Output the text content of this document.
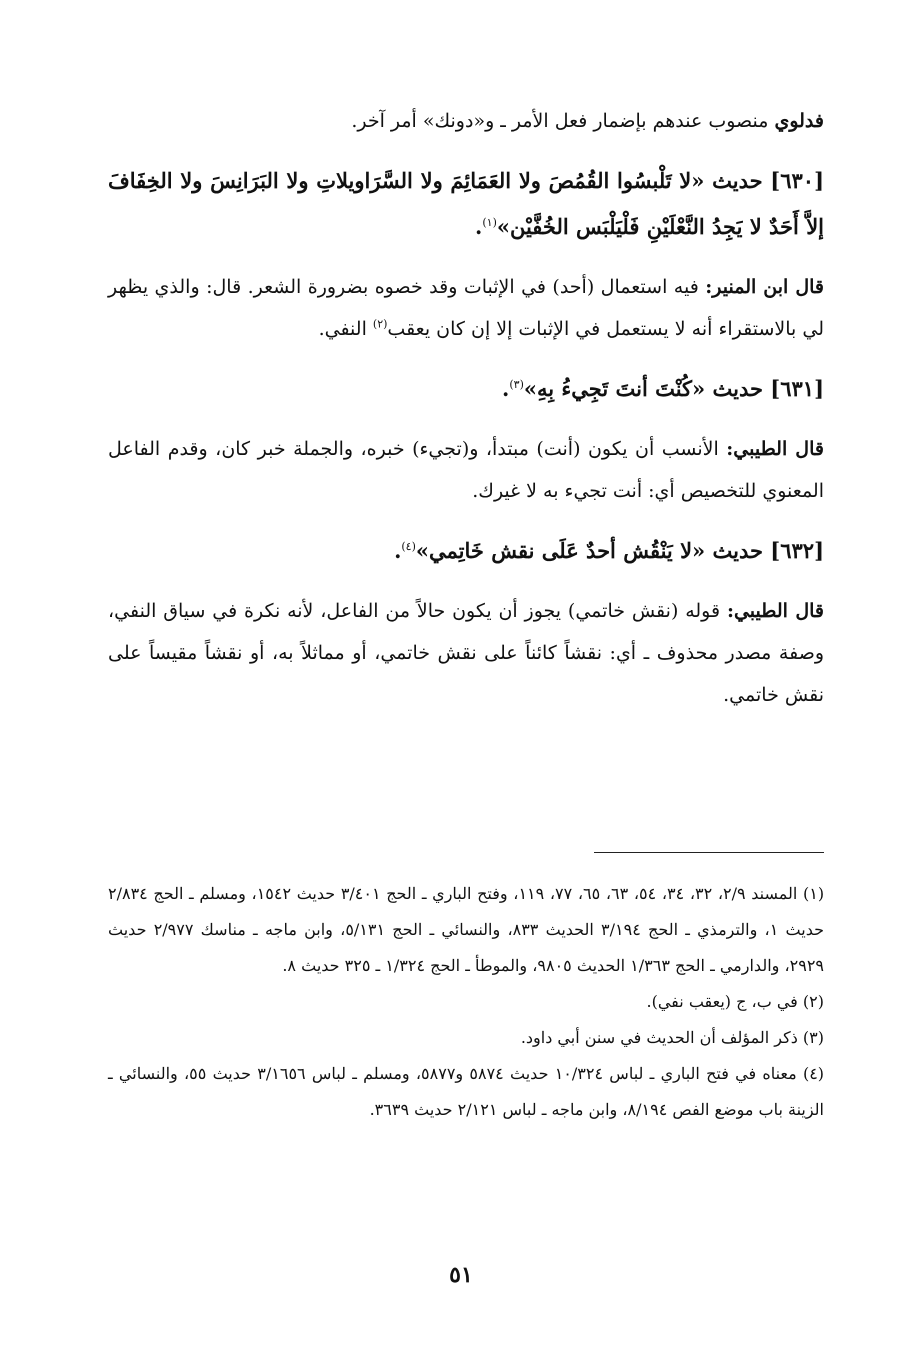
فدلوي منصوب عندهم بإضمار فعل الأمر ـ و«دونك» أمر آخر.

[٦٣٠] حديث «لا تَلْبسُوا القُمُصَ ولا العَمَائِمَ ولا السَّرَاويلاتِ ولا البَرَانِسَ ولا الخِفَافَ إلاَّ أَحَدٌ لا يَجِدُ النَّعْلَيْنِ فَلْيَلْبَس الخُفَّيْن»$^{(١)}$.

قال ابن المنير: فيه استعمال (أحد) في الإثبات وقد خصوه بضرورة الشعر. قال: والذي يظهر لي بالاستقراء أنه لا يستعمل في الإثبات إلا إن كان يعقب$^{(٢)}$ النفي.

[٦٣١] حديث «كُنْتَ أنتَ تَجِيءُ بِهِ»$^{(٣)}$.

قال الطيبي: الأنسب أن يكون (أنت) مبتدأ، و(تجيء) خبره، والجملة خبر كان، وقدم الفاعل المعنوي للتخصيص أي: أنت تجيء به لا غيرك.

[٦٣٢] حديث «لا يَنْقُش أحدٌ عَلَى نقش خَاتِمي»$^{(٤)}$.

قال الطيبي: قوله (نقش خاتمي) يجوز أن يكون حالاً من الفاعل، لأنه نكرة في سياق النفي، وصفة مصدر محذوف ـ أي: نقشاً كائناً على نقش خاتمي، أو مماثلاً به، أو نقشاً مقيساً على نقش خاتمي.

(١) المسند ٢/٩، ٣٢، ٣٤، ٥٤، ٦٣، ٦٥، ٧٧، ١١٩، وفتح الباري ـ الحج ٣/٤٠١ حديث ١٥٤٢، ومسلم ـ الحج ٢/٨٣٤ حديث ١، والترمذي ـ الحج ٣/١٩٤ الحديث ٨٣٣، والنسائي ـ الحج ٥/١٣١، وابن ماجه ـ مناسك ٢/٩٧٧ حديث ٢٩٢٩، والدارمي ـ الحج ١/٣٦٣ الحديث ٩٨٠٥، والموطأ ـ الحج ١/٣٢٤ ـ ٣٢٥ حديث ٨.

(٢) في ب، ج (يعقب نفي).

(٣) ذكر المؤلف أن الحديث في سنن أبي داود.

(٤) معناه في فتح الباري ـ لباس ١٠/٣٢٤ حديث ٥٨٧٤ و٥٨٧٧، ومسلم ـ لباس ٣/١٦٥٦ حديث ٥٥، والنسائي ـ الزينة باب موضع الفص ٨/١٩٤، وابن ماجه ـ لباس ٢/١٢١ حديث ٣٦٣٩.

٥١
